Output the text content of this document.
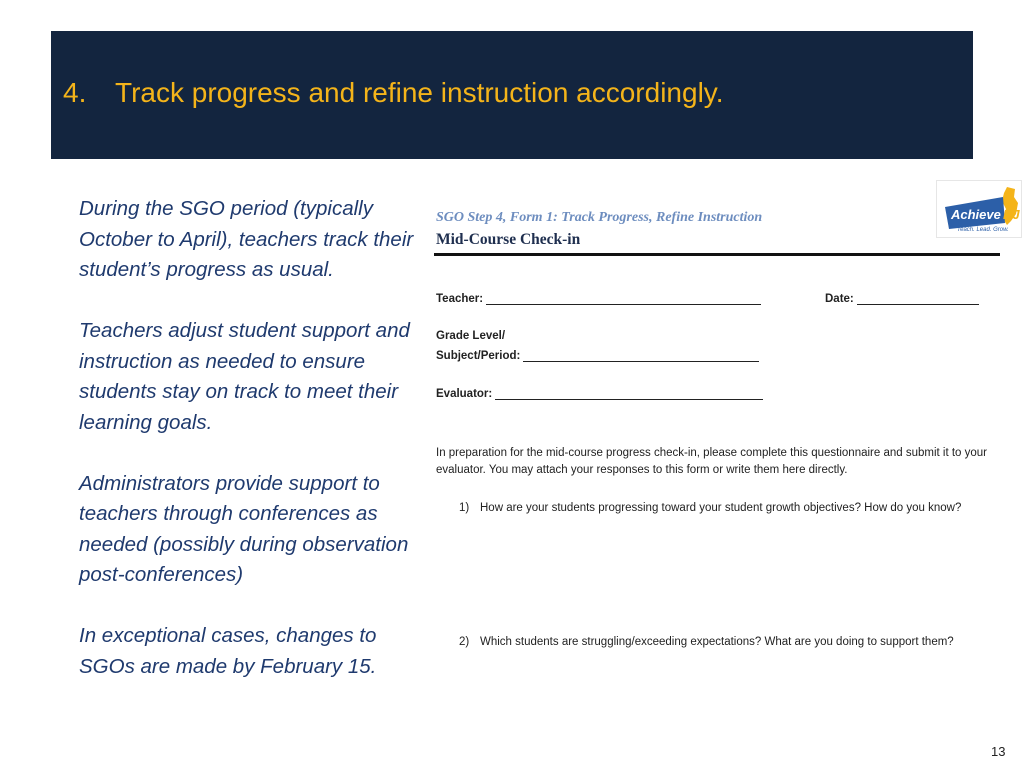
4. Track progress and refine instruction accordingly.

During the SGO period (typically October to April), teachers track their student’s progress as usual.

Teachers adjust student support and instruction as needed to ensure students stay on track to meet their learning goals.

Administrators provide support to teachers through conferences as needed (possibly during observation post-conferences)

In exceptional cases, changes to SGOs are made by February 15.

Achieve NJ
Teach. Lead. Grow.
SGO Step 4, Form 1: Track Progress, Refine Instruction
Mid-Course Check-in
Teacher:	Date:
Grade Level/
Subject/Period:
Evaluator:
In preparation for the mid-course progress check-in, please complete this questionnaire and submit it to your evaluator. You may attach your responses to this form or write them here directly.
1) How are your students progressing toward your student growth objectives? How do you know?
2) Which students are struggling/exceeding expectations? What are you doing to support them?
13
